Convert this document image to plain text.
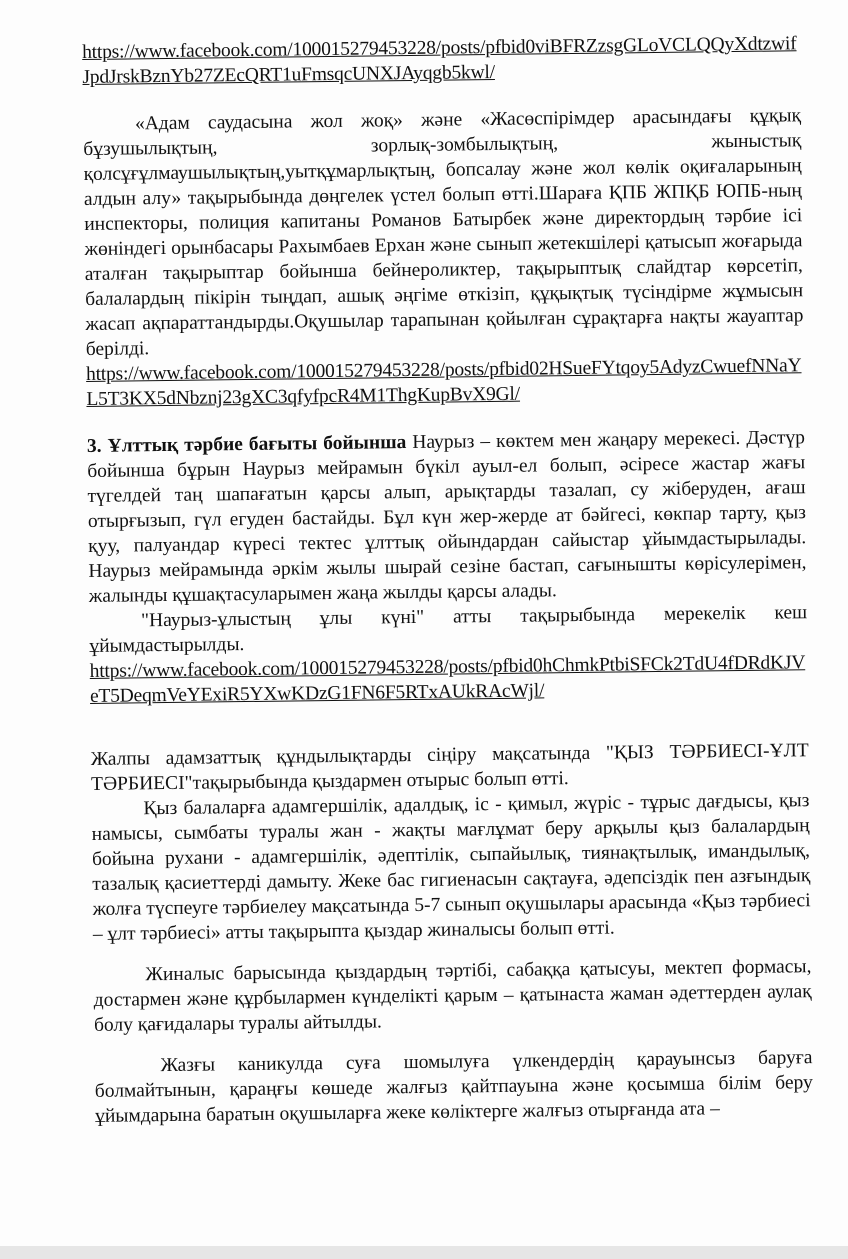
https://www.facebook.com/100015279453228/posts/pfbid0viBFRZzsgGLoVCLQQyXdtzwifJpdJrskBznYb27ZEcQRT1uFmsqcUNXJAyqgb5kwl/

«Адам саудасына жол жоқ» және «Жасөспірімдер арасындағы құқық бұзушылықтың, зорлық-зомбылықтың, жыныстық қолсұғұлмаушылықтың,уытқұмарлықтың, бопсалау және жол көлік оқиғаларының алдын алу» тақырыбында дөңгелек үстел болып өтті.Шараға ҚПБ ЖПҚБ ЮПБ-ның инспекторы, полиция капитаны Романов Батырбек және директордың тәрбие ісі жөніндегі орынбасары Рахымбаев Ерхан және сынып жетекшілері қатысып жоғарыда аталған тақырыптар бойынша бейнероликтер, тақырыптық слайдтар көрсетіп, балалардың пікірін тыңдап, ашық әңгіме өткізіп, құқықтық түсіндірме жұмысын жасап ақпараттандырды.Оқушылар тарапынан қойылған сұрақтарға нақты жауаптар берілді.

https://www.facebook.com/100015279453228/posts/pfbid02HSueFYtqoy5AdyzCwuefNNaYL5T3KX5dNbznj23gXC3qfyfpcR4M1ThgKupBvX9Gl/

3. Ұлттық тәрбие бағыты бойынша Наурыз – көктем мен жаңару мерекесі. Дәстүр бойынша бұрын Наурыз мейрамын бүкіл ауыл-ел болып, әсіресе жастар жағы түгелдей таң шапағатын қарсы алып, арықтарды тазалап, су жіберуден, ағаш отырғызып, гүл егуден бастайды. Бұл күн жер-жерде ат бәйгесі, көкпар тарту, қыз қуу, палуандар күресі тектес ұлттық ойындардан сайыстар ұйымдастырылады. Наурыз мейрамында әркім жылы шырай сезіне бастап, сағынышты көрісулерімен, жалынды құшақтасуларымен жаңа жылды қарсы алады.

"Наурыз-ұлыстың ұлы күні" атты тақырыбында мерекелік кеш ұйымдастырылды.

https://www.facebook.com/100015279453228/posts/pfbid0hChmkPtbiSFCk2TdU4fDRdKJVeT5DeqmVeYExiR5YXwKDzG1FN6F5RTxAUkRAcWjl/

Жалпы адамзаттық құндылықтарды сіңіру мақсатында "ҚЫЗ ТӘРБИЕСІ-ҰЛТ ТӘРБИЕСІ"тақырыбында қыздармен отырыс болып өтті.

Қыз балаларға адамгершілік, адалдық, іс - қимыл, жүріс - тұрыс дағдысы, қыз намысы, сымбаты туралы жан - жақты мағлұмат беру арқылы қыз балалардың бойына рухани - адамгершілік, әдептілік, сыпайылық, тиянақтылық, имандылық, тазалық қасиеттерді дамыту. Жеке бас гигиенасын сақтауға, әдепсіздік пен азғындық жолға түспеуге тәрбиелеу мақсатында 5-7 сынып оқушылары арасында «Қыз тәрбиесі – ұлт тәрбиесі» атты тақырыпта қыздар жиналысы болып өтті.

Жиналыс барысында қыздардың тәртібі, сабаққа қатысуы, мектеп формасы, достармен және құрбылармен күнделікті қарым – қатынаста жаман әдеттерден аулақ болу қағидалары туралы айтылды.

Жазғы каникулда суға шомылуға үлкендердің қарауынсыз баруға болмайтынын, қараңғы көшеде жалғыз қайтпауына және қосымша білім беру ұйымдарына баратын оқушыларға жеке көліктерге жалғыз отырғанда ата –
